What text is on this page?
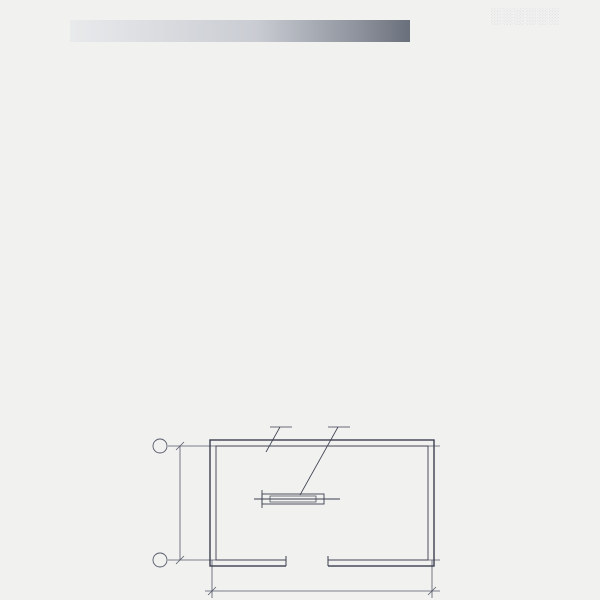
░░░░░░
